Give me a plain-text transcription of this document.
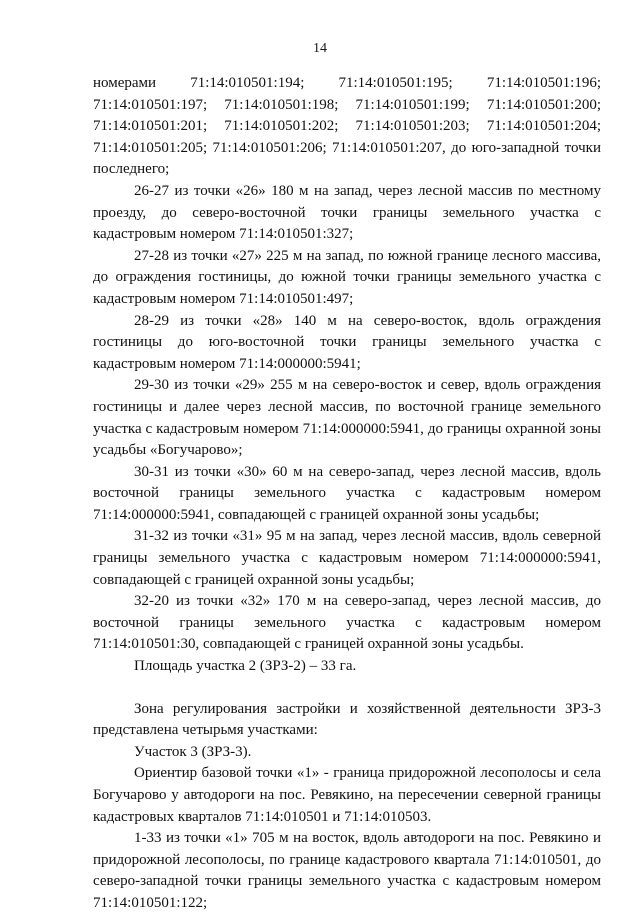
14

номерами 71:14:010501:194; 71:14:010501:195; 71:14:010501:196; 71:14:010501:197; 71:14:010501:198; 71:14:010501:199; 71:14:010501:200; 71:14:010501:201; 71:14:010501:202; 71:14:010501:203; 71:14:010501:204; 71:14:010501:205; 71:14:010501:206; 71:14:010501:207, до юго-западной точки последнего;

26-27 из точки «26» 180 м на запад, через лесной массив по местному проезду, до северо-восточной точки границы земельного участка с кадастровым номером 71:14:010501:327;

27-28 из точки «27» 225 м на запад, по южной границе лесного массива, до ограждения гостиницы, до южной точки границы земельного участка с кадастровым номером 71:14:010501:497;

28-29 из точки «28» 140 м на северо-восток, вдоль ограждения гостиницы до юго-восточной точки границы земельного участка с кадастровым номером 71:14:000000:5941;

29-30 из точки «29» 255 м на северо-восток и север, вдоль ограждения гостиницы и далее через лесной массив, по восточной границе земельного участка с кадастровым номером 71:14:000000:5941, до границы охранной зоны усадьбы «Богучарово»;

30-31 из точки «30» 60 м на северо-запад, через лесной массив, вдоль восточной границы земельного участка с кадастровым номером 71:14:000000:5941, совпадающей с границей охранной зоны усадьбы;

31-32 из точки «31» 95 м на запад, через лесной массив, вдоль северной границы земельного участка с кадастровым номером 71:14:000000:5941, совпадающей с границей охранной зоны усадьбы;

32-20 из точки «32» 170 м на северо-запад, через лесной массив, до восточной границы земельного участка с кадастровым номером 71:14:010501:30, совпадающей с границей охранной зоны усадьбы.

Площадь участка 2 (ЗРЗ-2) – 33 га.

Зона регулирования застройки и хозяйственной деятельности ЗРЗ-3 представлена четырьмя участками:

Участок 3 (ЗРЗ-3).

Ориентир базовой точки «1» - граница придорожной лесополосы и села Богучарово у автодороги на пос. Ревякино, на пересечении северной границы кадастровых кварталов 71:14:010501 и 71:14:010503.

1-33 из точки «1» 705 м на восток, вдоль автодороги на пос. Ревякино и придорожной лесополосы, по границе кадастрового квартала 71:14:010501, до северо-западной точки границы земельного участка с кадастровым номером 71:14:010501:122;
